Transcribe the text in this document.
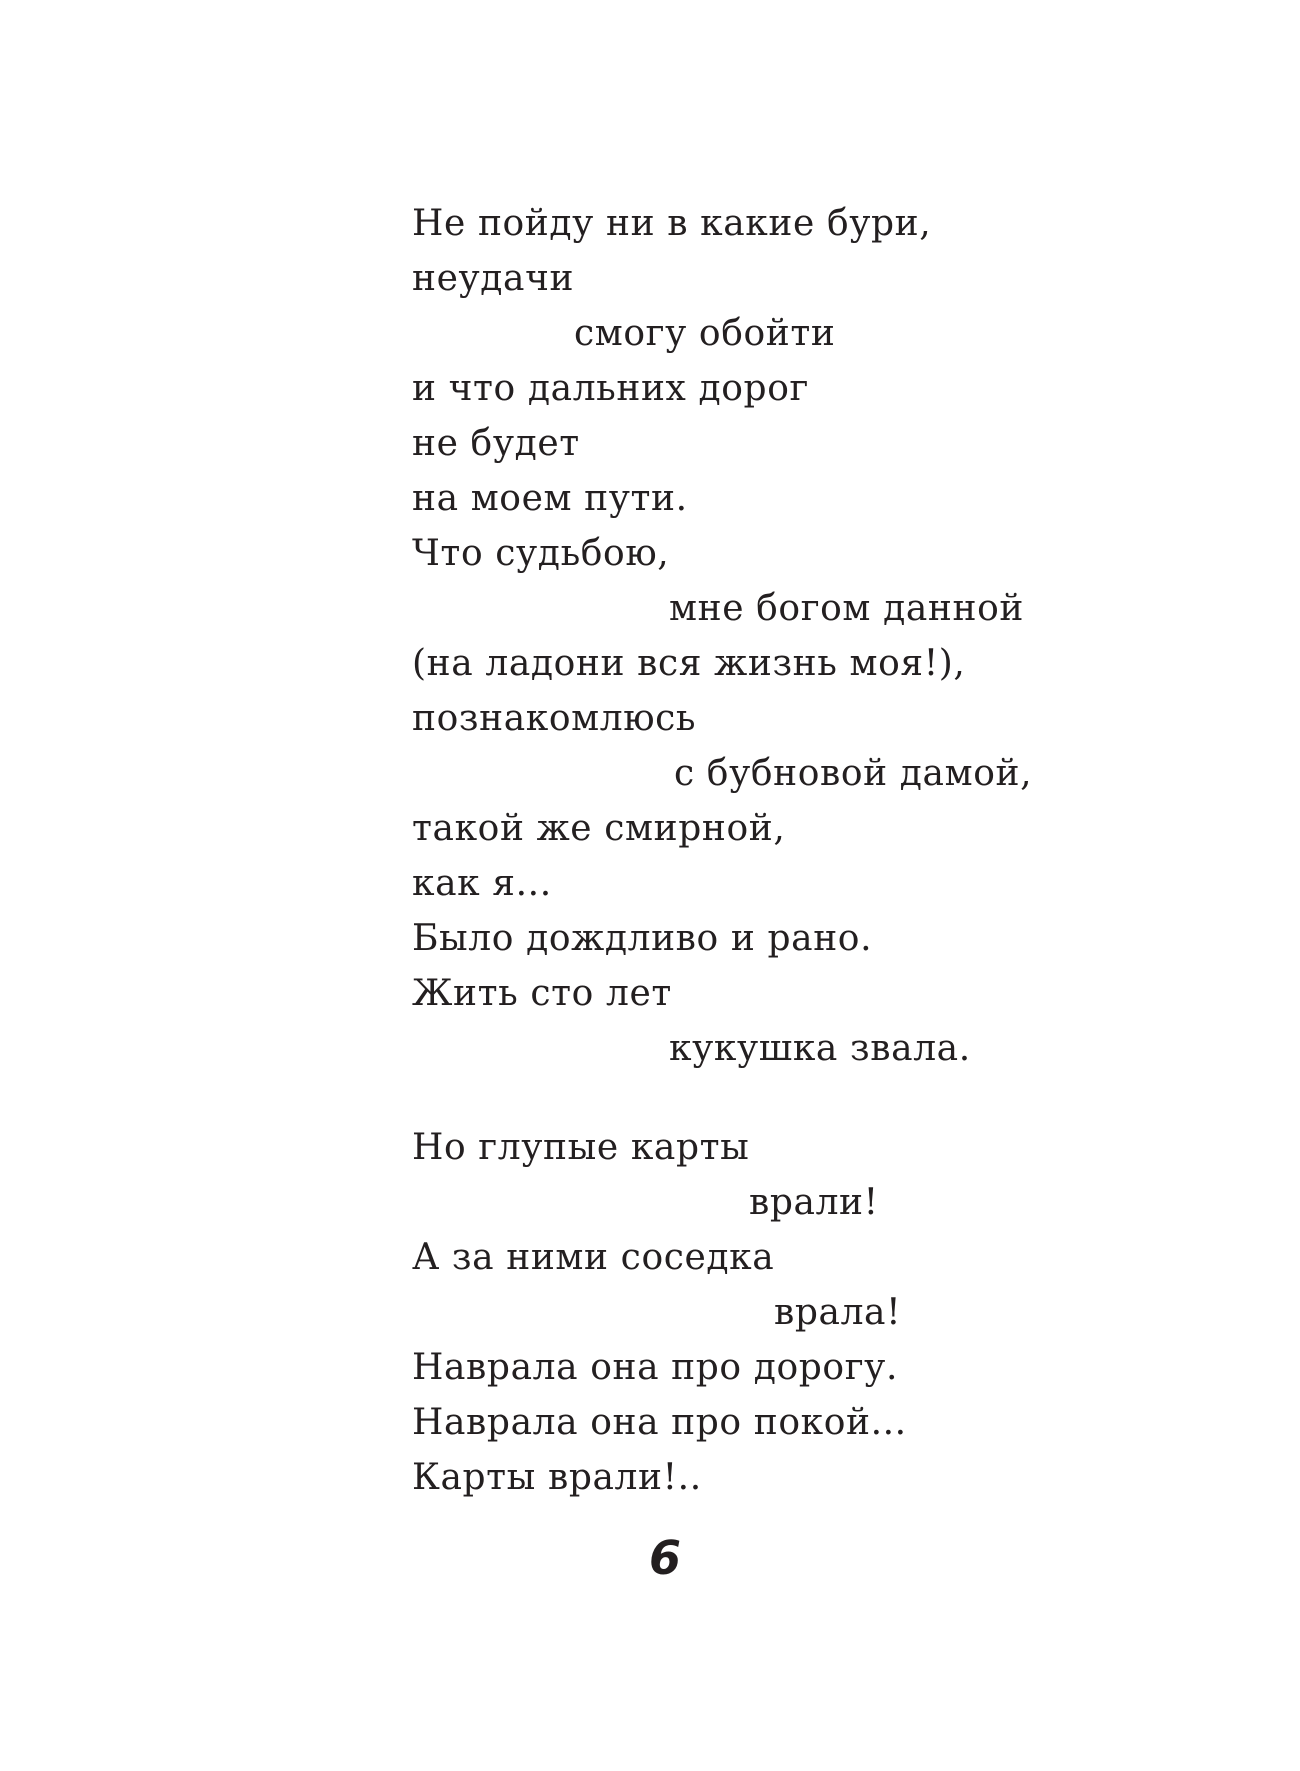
Не пойду ни в какие бури,
неудачи
смогу обойти
и что дальних дорог
не будет
на моем пути.
Что судьбою,
мне богом данной
(на ладони вся жизнь моя!),
познакомлюсь
с бубновой дамой,
такой же смирной,
как я...
Было дождливо и рано.
Жить сто лет
кукушка звала.
Но глупые карты
врали!
А за ними соседка
врала!
Наврала она про дорогу.
Наврала она про покой...
Карты врали!..
6
